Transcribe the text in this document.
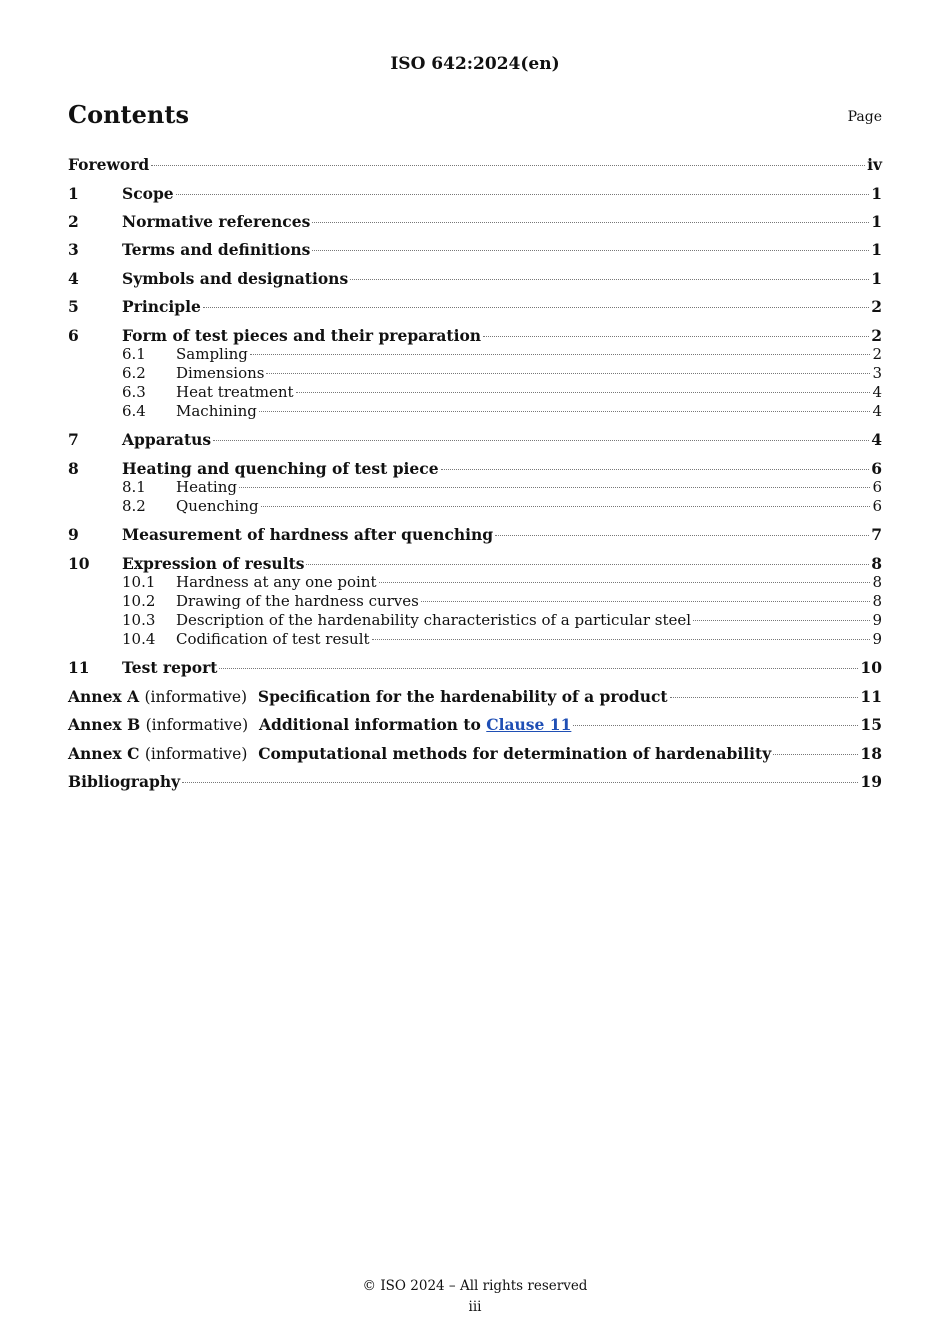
ISO 642:2024(en)
Contents	Page
Foreword	iv
1	Scope	1
2	Normative references	1
3	Terms and definitions	1
4	Symbols and designations	1
5	Principle	2
6	Form of test pieces and their preparation	2
6.1	Sampling	2
6.2	Dimensions	3
6.3	Heat treatment	4
6.4	Machining	4
7	Apparatus	4
8	Heating and quenching of test piece	6
8.1	Heating	6
8.2	Quenching	6
9	Measurement of hardness after quenching	7
10	Expression of results	8
10.1	Hardness at any one point	8
10.2	Drawing of the hardness curves	8
10.3	Description of the hardenability characteristics of a particular steel	9
10.4	Codification of test result	9
11	Test report	10
Annex A (informative) Specification for the hardenability of a product	11
Annex B (informative) Additional information to Clause 11	15
Annex C (informative) Computational methods for determination of hardenability	18
Bibliography	19
© ISO 2024 – All rights reserved
iii
